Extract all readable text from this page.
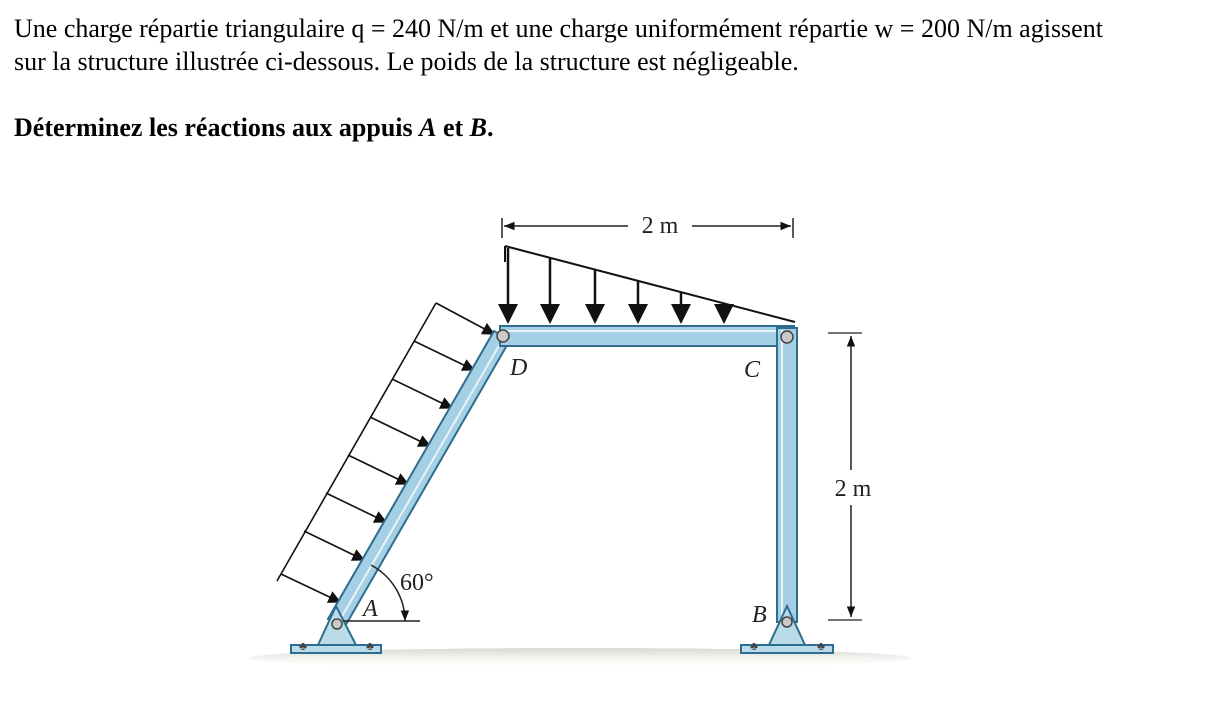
Une charge répartie triangulaire q = 240 N/m et une charge uniformément répartie w = 200 N/m agissent
sur la structure illustrée ci-dessous. Le poids de la structure est négligeable.
Déterminez les réactions aux appuis A et B.
2 m
2 m
♣	♣	♣	♣
60°
A	B
C
D
